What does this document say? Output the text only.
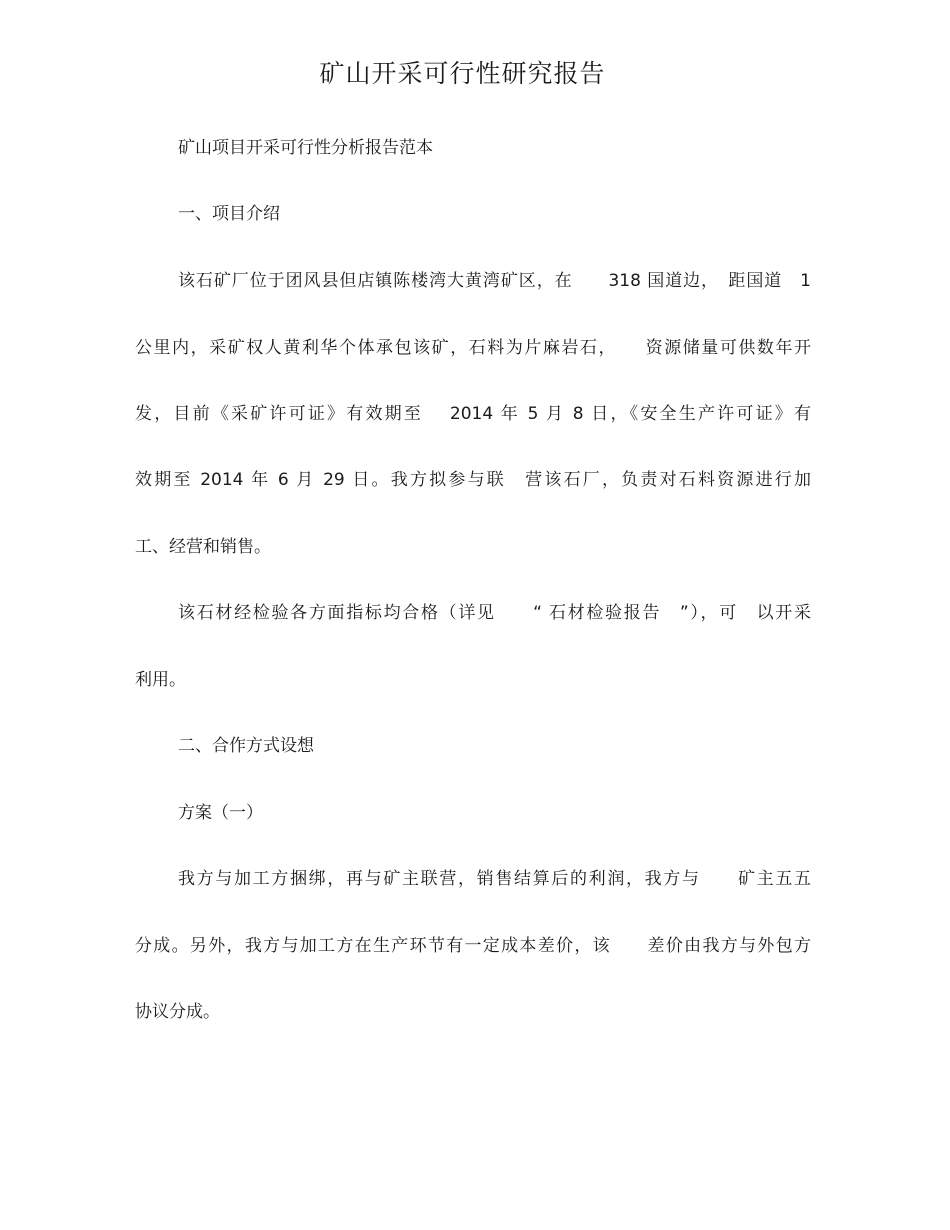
矿山开采可行性研究报告
矿山项目开采可行性分析报告范本
一、项目介绍
该石矿厂位于团风县但店镇陈楼湾大黄湾矿区，在　　318 国道边，　距国道　1
公里内，采矿权人黄利华个体承包该矿，石料为片麻岩石，　　资源储量可供数年开
发，目前《采矿许可证》有效期至　 2014 年 5 月 8 日，《安全生产许可证》有
效期至 2014 年 6 月 29 日。我方拟参与联　营该石厂，负责对石料资源进行加
工、经营和销售。
该石材经检验各方面指标均合格（详见　　“ 石材检验报告　”），可　以开采
利用。
二、合作方式设想
方案（一）
我方与加工方捆绑，再与矿主联营，销售结算后的利润，我方与　　矿主五五
分成。另外，我方与加工方在生产环节有一定成本差价，该　　差价由我方与外包方
协议分成。
